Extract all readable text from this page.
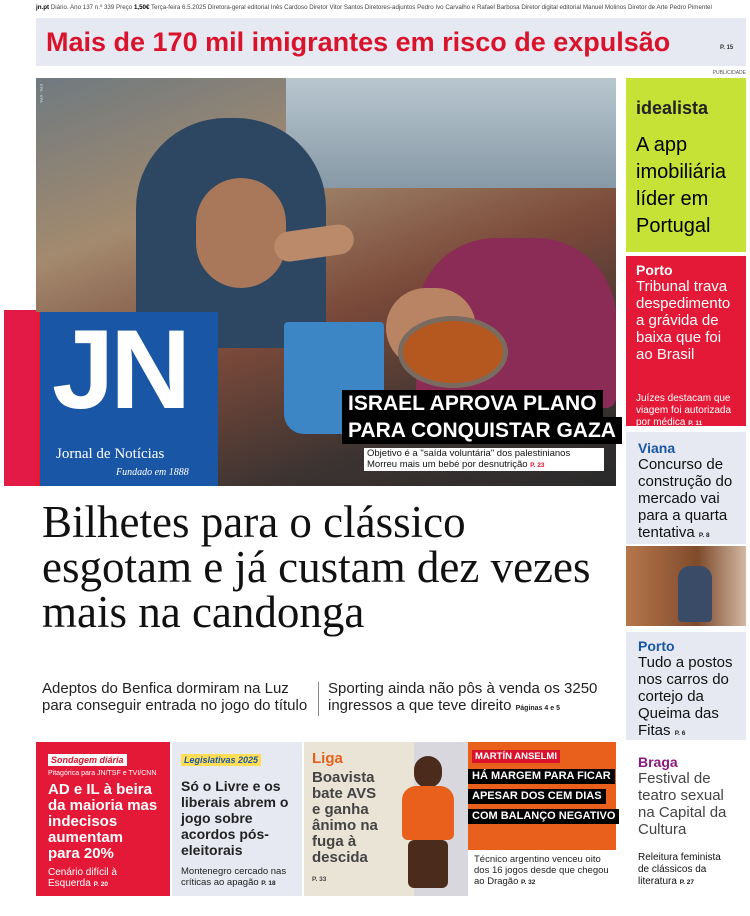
jn.pt Diário. Ano 137 n.º 339 Preço 1,50€ Terça-feira 6.5.2025 Diretora-geral editorial Inês Cardoso Diretor Vitor Santos Diretores-adjuntos Pedro Ivo Carvalho e Rafael Barbosa Diretor digital editorial Manuel Molinos Diretor de Arte Pedro Pimentel
Mais de 170 mil imigrantes em risco de expulsão	P. 15
EPA · EPA
JN
Jornal de Notícias
Fundado em 1888
ISRAEL APROVA PLANO
PARA CONQUISTAR GAZA
Objetivo é a "saída voluntária" dos palestinianos
Morreu mais um bebé por desnutrição P. 23
Bilhetes para o clássico esgotam e já custam dez vezes mais na candonga
Adeptos do Benfica dormiram na Luz para conseguir entrada no jogo do título
Sporting ainda não pôs à venda os 3250 ingressos a que teve direito Páginas 4 e 5
PUBLICIDADE
idealista
A app imobiliária líder em Portugal
Porto
Tribunal trava despedimento a grávida de baixa que foi ao Brasil
Juízes destacam que viagem foi autorizada por médica P. 11
Viana
Concurso de construção do mercado vai para a quarta tentativa P. 8
Porto
Tudo a postos nos carros do cortejo da Queima das Fitas P. 6
Braga
Festival de teatro sexual na Capital da Cultura
Releitura feminista de clássicos da literatura P. 27
Sondagem diária
Pitagórica para JN/TSF e TVI/CNN
AD e IL à beira da maioria mas indecisos aumentam para 20%
Cenário difícil à Esquerda P. 20
Legislativas 2025
Só o Livre e os liberais abrem o jogo sobre acordos pós-eleitorais
Montenegro cercado nas críticas ao apagão P. 18
Liga
Boavista bate AVS e ganha ânimo na fuga à descida
P. 33
MARTÍN ANSELMI
HÁ MARGEM PARA FICAR
APESAR DOS CEM DIAS
COM BALANÇO NEGATIVO
Técnico argentino venceu oito dos 16 jogos desde que chegou ao Dragão P. 32
